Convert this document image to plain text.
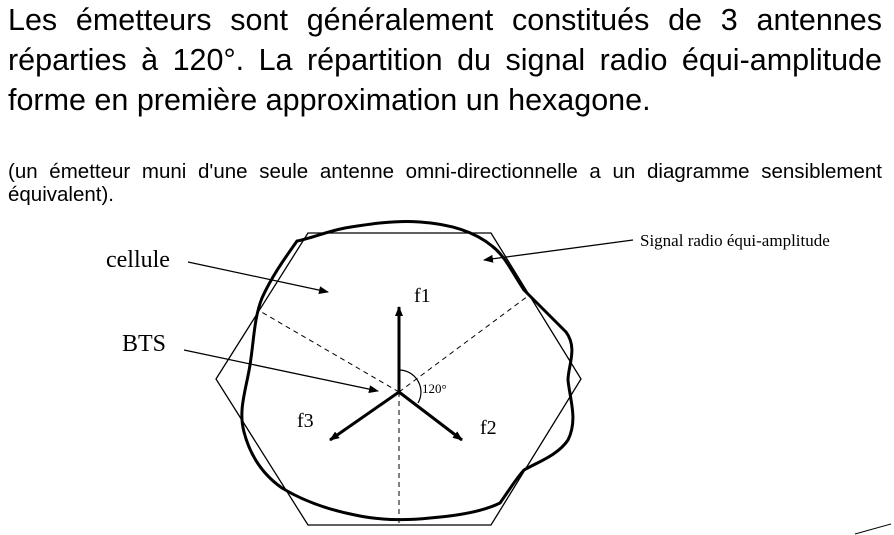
Les émetteurs sont généralement constitués de 3 antennes réparties à 120°. La répartition du signal radio équi-amplitude forme en première approximation un hexagone.

(un émetteur muni d'une seule antenne omni-directionnelle a un diagramme sensiblement équivalent).

cellule
BTS
Signal radio équi-amplitude
f1
f2
f3
120°
